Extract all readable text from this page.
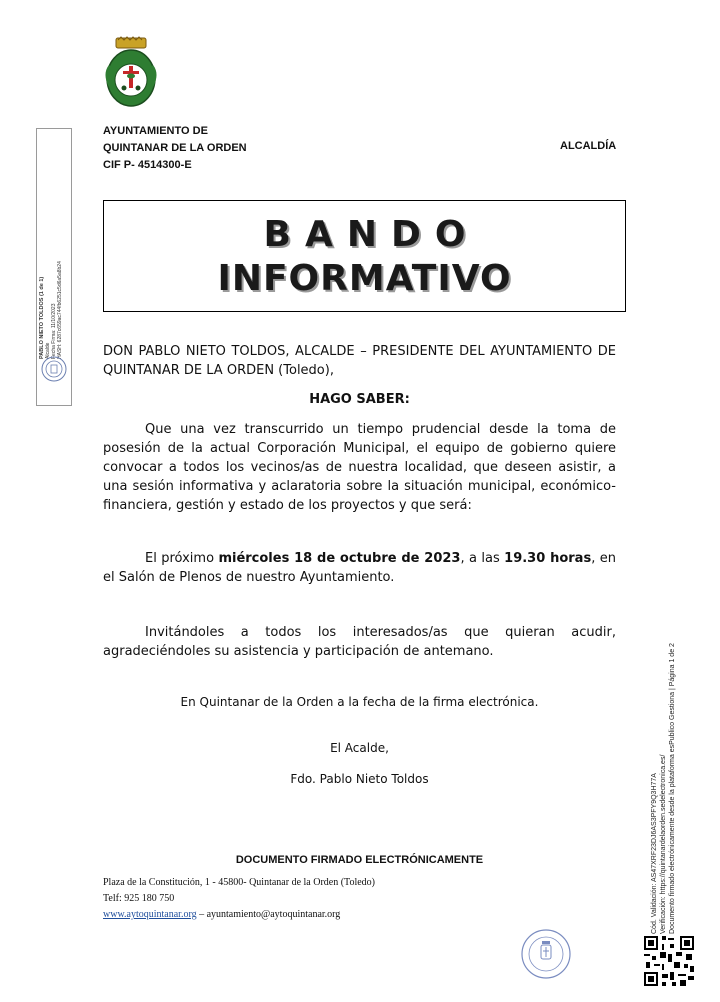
AYUNTAMIENTO DE
QUINTANAR DE LA ORDEN
CIF P- 4514300-E
ALCALDÍA
BANDO
INFORMATIVO
DON PABLO NIETO TOLDOS, ALCALDE – PRESIDENTE DEL AYUNTAMIENTO DE QUINTANAR DE LA ORDEN (Toledo),
HAGO SABER:
Que una vez transcurrido un tiempo prudencial desde la toma de posesión de la actual Corporación Municipal, el equipo de gobierno quiere convocar a todos los vecinos/as de nuestra localidad, que deseen asistir, a una sesión informativa y aclaratoria sobre la situación municipal, económico-financiera, gestión y estado de los proyectos y que será:
El próximo miércoles 18 de octubre de 2023, a las 19.30 horas, en el Salón de Plenos de nuestro Ayuntamiento.
Invitándoles a todos los interesados/as que quieran acudir, agradeciéndoles su asistencia y participación de antemano.
En Quintanar de la Orden a la fecha de la firma electrónica.
El Acalde,
Fdo. Pablo Nieto Toldos
DOCUMENTO FIRMADO ELECTRÓNICAMENTE
Plaza de la Constitución, 1 - 45800- Quintanar de la Orden (Toledo)
Telf: 925 180 750
www.aytoquintanar.org – ayuntamiento@aytoquintanar.org
PABLO NIETO TOLDOS (1 de 1) Alcalde Fecha Firma: 11/10/2023 HASH: 6287c659ac744fb6251c5d6a5a8b24
Cód. Validación: AS47XRF23DJ6AS3PFY9Q3H77A Verificación: https://quintanardelaorden.sedelectronica.es/ Documento firmado electrónicamente desde la plataforma esPublico Gestiona | Página 1 de 2
